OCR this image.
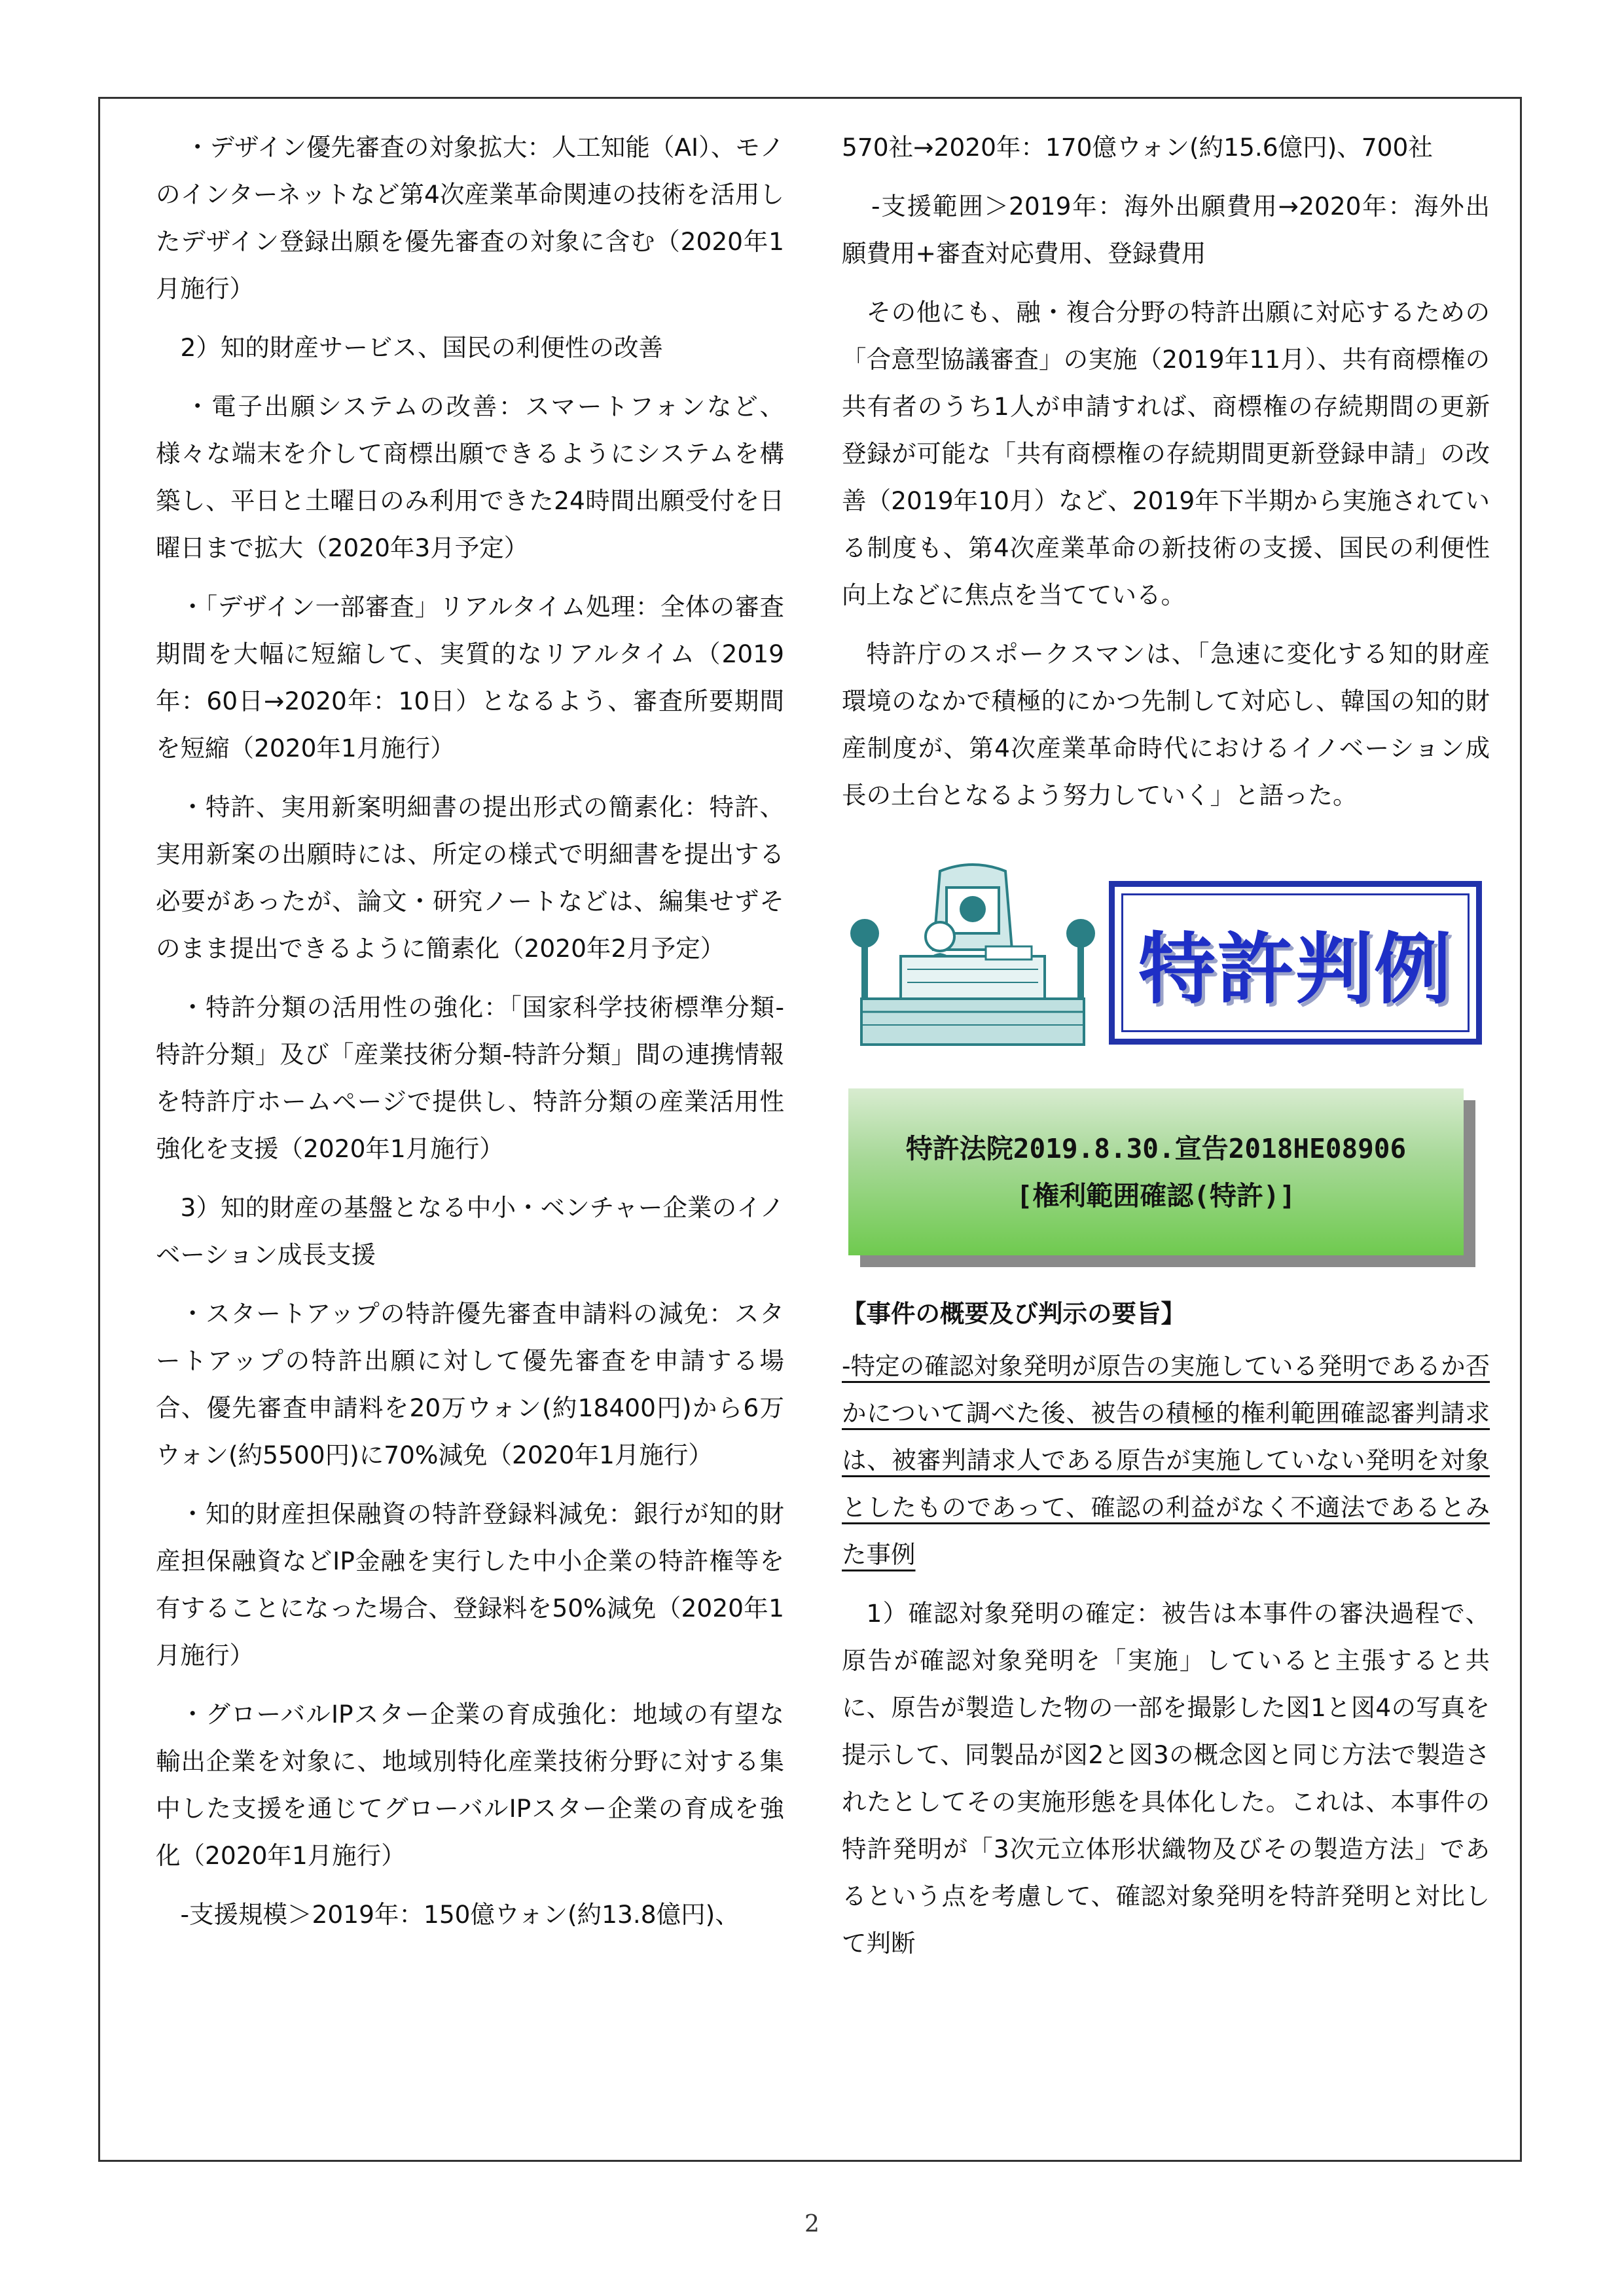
・デザイン優先審査の対象拡大：人工知能（AI）、モノのインターネットなど第4次産業革命関連の技術を活用したデザイン登録出願を優先審査の対象に含む（2020年1月施行）

2）知的財産サービス、国民の利便性の改善

・電子出願システムの改善：スマートフォンなど、様々な端末を介して商標出願できるようにシステムを構築し、平日と土曜日のみ利用できた24時間出願受付を日曜日まで拡大（2020年3月予定）

・「デザイン一部審査」リアルタイム処理：全体の審査期間を大幅に短縮して、実質的なリアルタイム（2019年：60日→2020年：10日）となるよう、審査所要期間を短縮（2020年1月施行）

・特許、実用新案明細書の提出形式の簡素化：特許、実用新案の出願時には、所定の様式で明細書を提出する必要があったが、論文・研究ノートなどは、編集せずそのまま提出できるように簡素化（2020年2月予定）

・特許分類の活用性の強化：「国家科学技術標準分類-特許分類」及び「産業技術分類-特許分類」間の連携情報を特許庁ホームページで提供し、特許分類の産業活用性強化を支援（2020年1月施行）

3）知的財産の基盤となる中小・ベンチャー企業のイノベーション成長支援

・スタートアップの特許優先審査申請料の減免：スタートアップの特許出願に対して優先審査を申請する場合、優先審査申請料を20万ウォン(約18400円)から6万ウォン(約5500円)に70%減免（2020年1月施行）

・知的財産担保融資の特許登録料減免：銀行が知的財産担保融資などIP金融を実行した中小企業の特許権等を有することになった場合、登録料を50%減免（2020年1月施行）

・グローバルIPスター企業の育成強化：地域の有望な輸出企業を対象に、地域別特化産業技術分野に対する集中した支援を通じてグローバルIPスター企業の育成を強化（2020年1月施行）

-支援規模＞2019年：150億ウォン(約13.8億円)、

570社→2020年：170億ウォン(約15.6億円)、700社

-支援範囲＞2019年：海外出願費用→2020年：海外出願費用+審査対応費用、登録費用

その他にも、融・複合分野の特許出願に対応するための「合意型協議審査」の実施（2019年11月）、共有商標権の共有者のうち1人が申請すれば、商標権の存続期間の更新登録が可能な「共有商標権の存続期間更新登録申請」の改善（2019年10月）など、2019年下半期から実施されている制度も、第4次産業革命の新技術の支援、国民の利便性向上などに焦点を当てている。

特許庁のスポークスマンは、「急速に変化する知的財産環境のなかで積極的にかつ先制して対応し、韓国の知的財産制度が、第4次産業革命時代におけるイノベーション成長の土台となるよう努力していく」と語った。

特許判例
特許法院2019.8.30.宣告2018HE08906
[権利範囲確認(特許)]
【事件の概要及び判示の要旨】

-特定の確認対象発明が原告の実施している発明であるか否かについて調べた後、被告の積極的権利範囲確認審判請求は、被審判請求人である原告が実施していない発明を対象としたものであって、確認の利益がなく不適法であるとみた事例

1）確認対象発明の確定：被告は本事件の審決過程で、原告が確認対象発明を「実施」していると主張すると共に、原告が製造した物の一部を撮影した図1と図4の写真を提示して、同製品が図2と図3の概念図と同じ方法で製造されたとしてその実施形態を具体化した。これは、本事件の特許発明が「3次元立体形状織物及びその製造方法」であるという点を考慮して、確認対象発明を特許発明と対比して判断

2
